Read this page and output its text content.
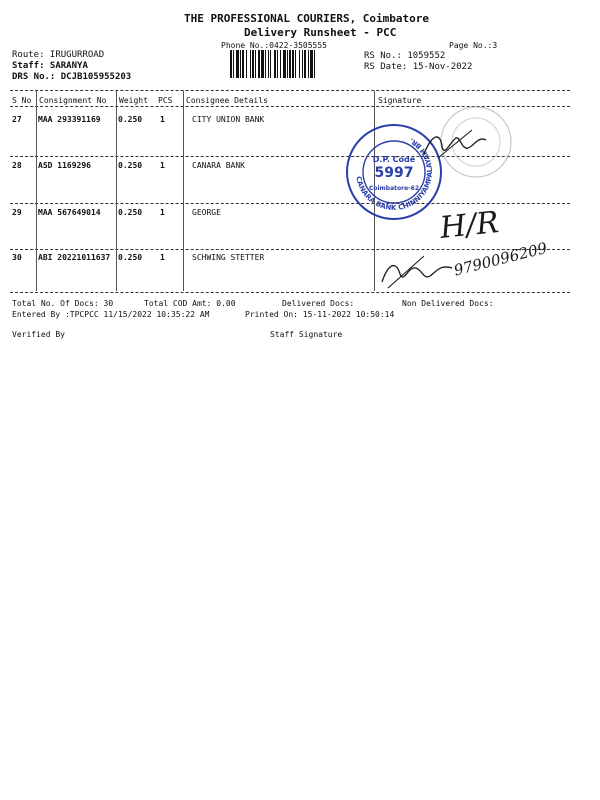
THE PROFESSIONAL COURIERS, Coimbatore
Delivery Runsheet - PCC
Phone No.:0422-3505555	Page No.:3
Route: IRUGURROAD
Staff: SARANYA
DRS No.: DCJB105955203
RS No.: 1059552
RS Date: 15-Nov-2022
S No Consignment No Weight PCS Consignee Details	Signature
27 MAA 293391169 0.250 1	CITY UNION BANK
28 ASD 1169296	0.250 1	CANARA BANK
29 MAA 567649014 0.250 1	GEORGE
30 ABI 20221011637 0.250 1	SCHWING STETTER
CANARA BANK CHINNIYAMPALAYAM BR.
D.P. Code
5997
Coimbatore-62
H/R
9790096209
Total No. Of Docs: 30	Total COD Amt: 0.00	Delivered Docs:	Non Delivered Docs:
Entered By :TPCPCC 11/15/2022 10:35:22 AM	Printed On: 15-11-2022 10:50:14
Verified By	Staff Signature
